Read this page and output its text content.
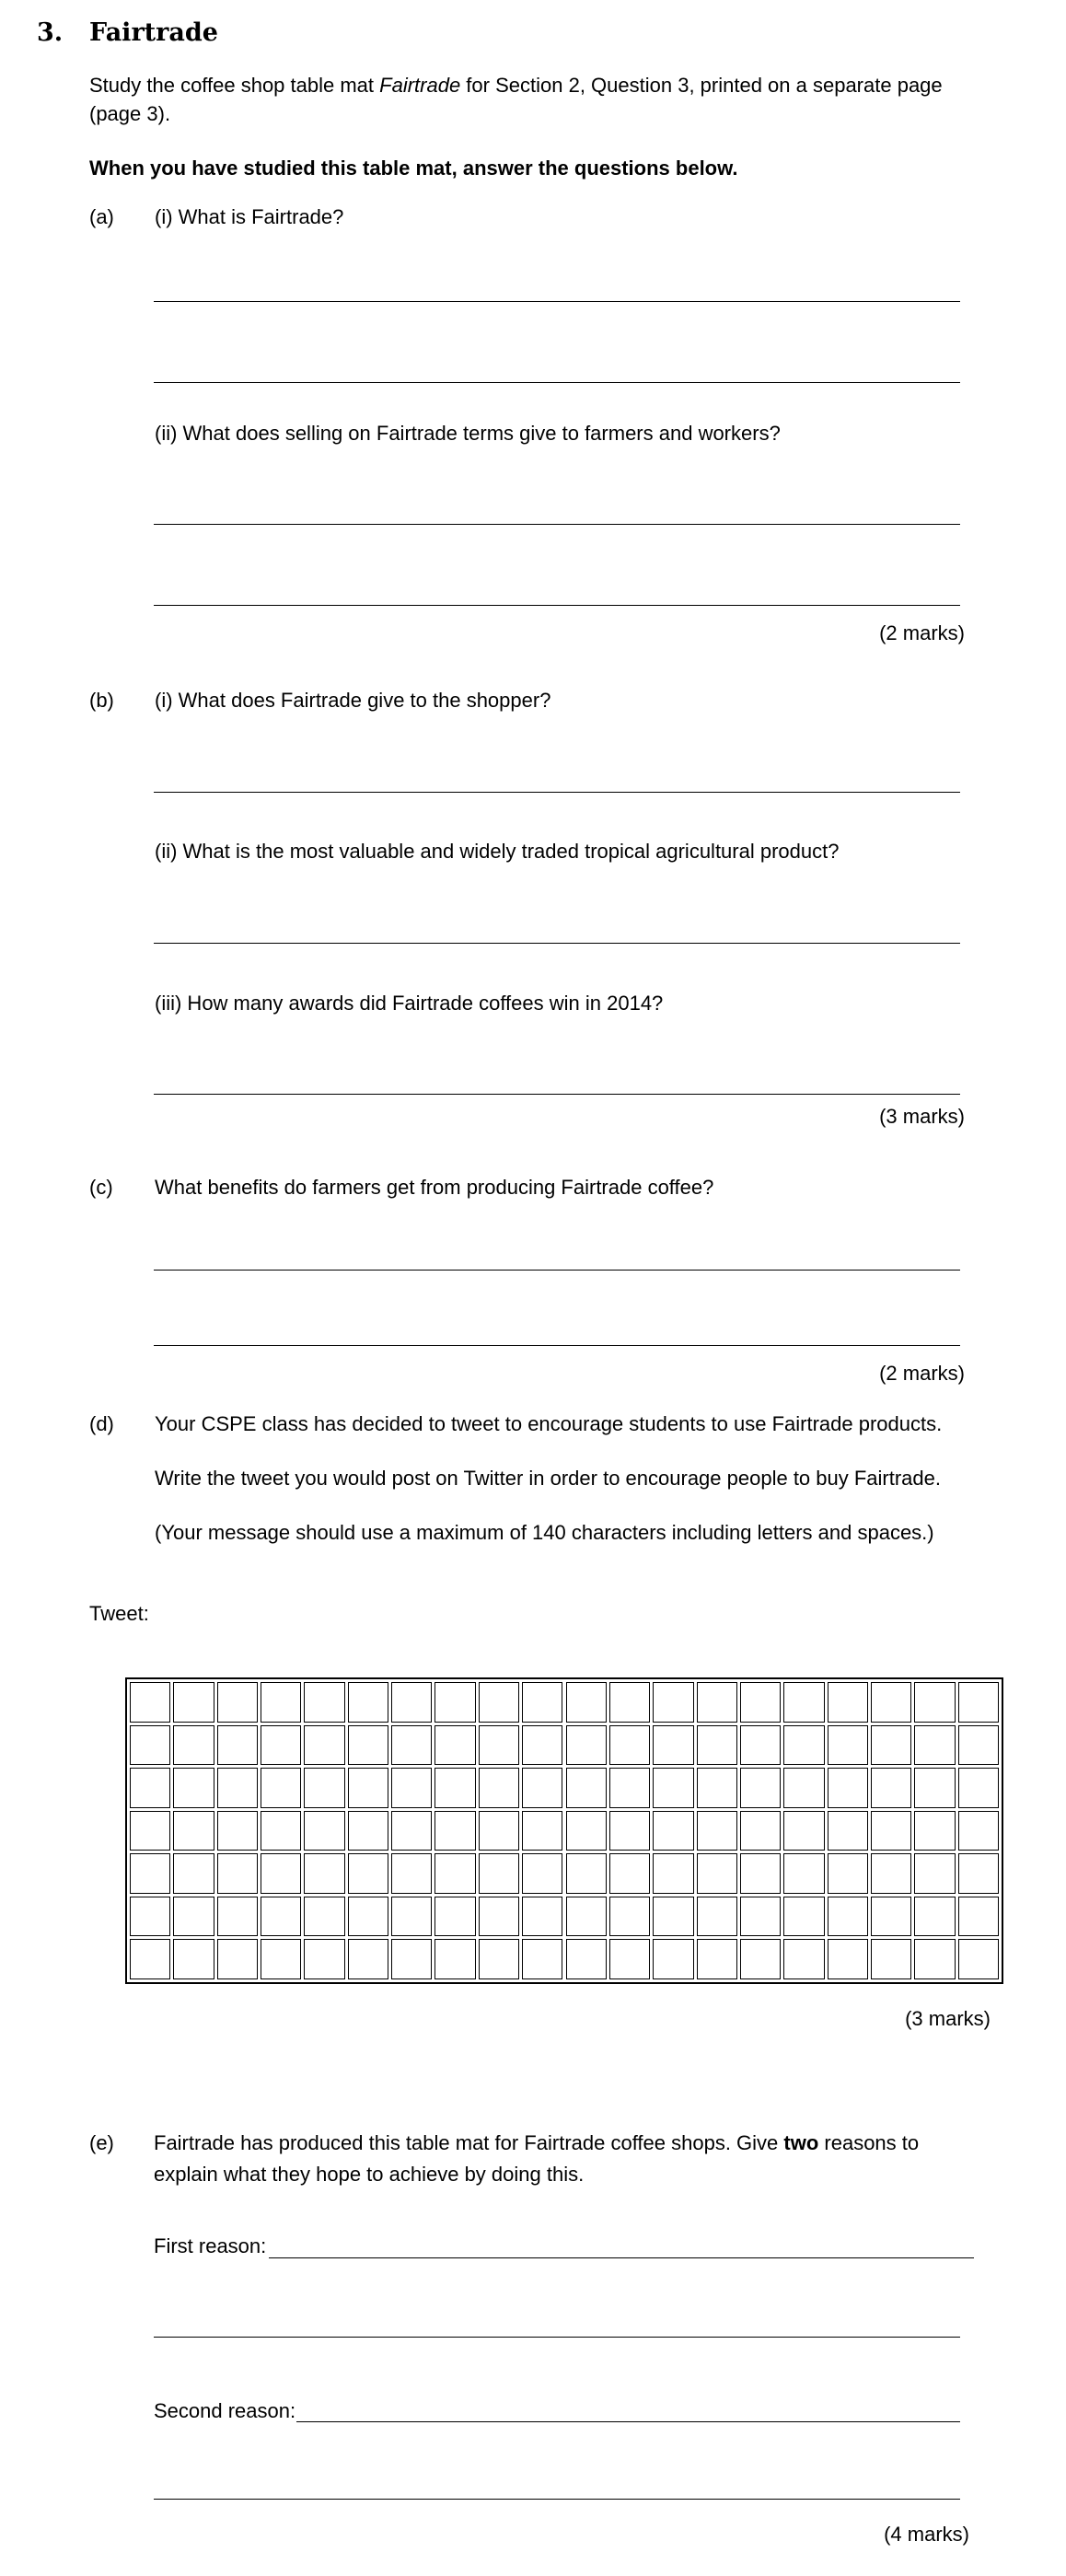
3. Fairtrade
Study the coffee shop table mat Fairtrade for Section 2, Question 3, printed on a separate page
(page 3).
When you have studied this table mat, answer the questions below.
(a) (i) What is Fairtrade?
(ii) What does selling on Fairtrade terms give to farmers and workers?
(2 marks)
(b) (i) What does Fairtrade give to the shopper?
(ii) What is the most valuable and widely traded tropical agricultural product?
(iii) How many awards did Fairtrade coffees win in 2014?
(3 marks)
(c) What benefits do farmers get from producing Fairtrade coffee?
(2 marks)
(d) Your CSPE class has decided to tweet to encourage students to use Fairtrade products.
Write the tweet you would post on Twitter in order to encourage people to buy Fairtrade.
(Your message should use a maximum of 140 characters including letters and spaces.)
Tweet:
(3 marks)
(e) Fairtrade has produced this table mat for Fairtrade coffee shops. Give two reasons to
explain what they hope to achieve by doing this.
First reason:
Second reason:
(4 marks)
